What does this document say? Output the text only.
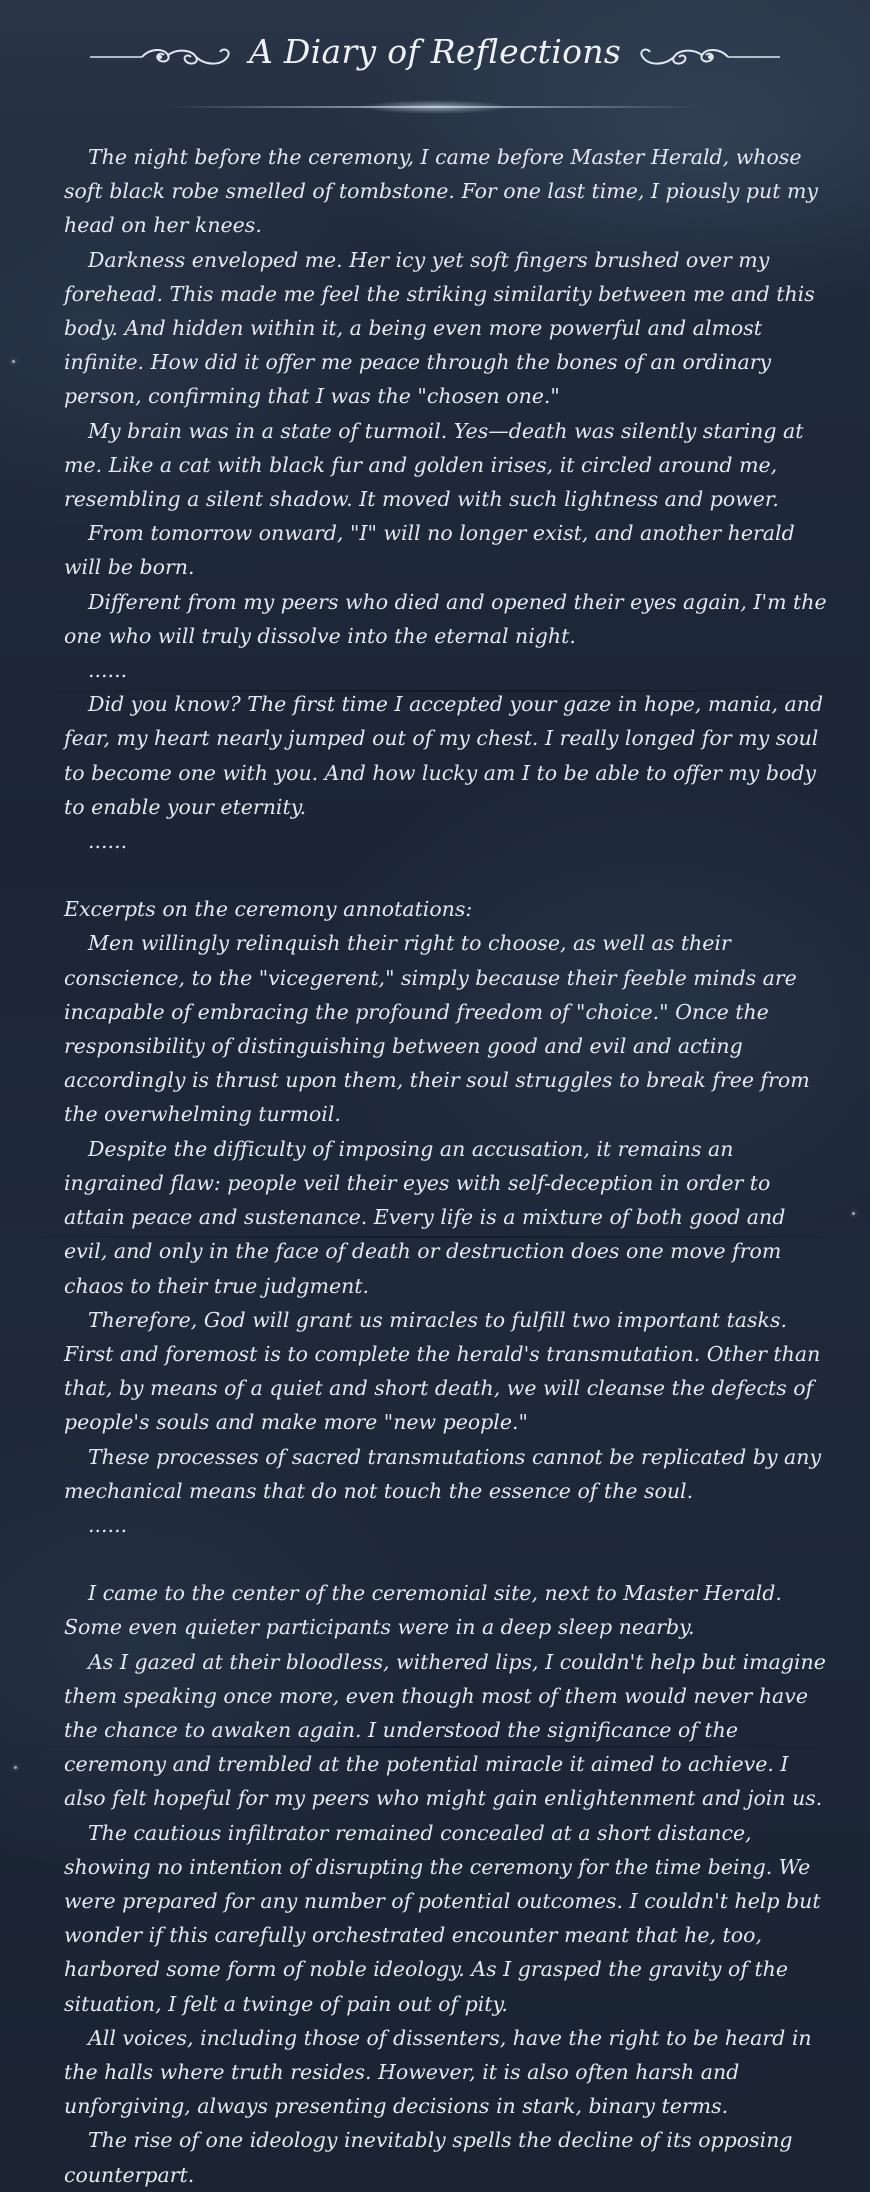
A Diary of Reflections

The night before the ceremony, I came before Master Herald, whose soft black robe smelled of tombstone. For one last time, I piously put my head on her knees.

Darkness enveloped me. Her icy yet soft fingers brushed over my forehead. This made me feel the striking similarity between me and this body. And hidden within it, a being even more powerful and almost infinite. How did it offer me peace through the bones of an ordinary person, confirming that I was the "chosen one."

My brain was in a state of turmoil. Yes—death was silently staring at me. Like a cat with black fur and golden irises, it circled around me, resembling a silent shadow. It moved with such lightness and power.

From tomorrow onward, "I" will no longer exist, and another herald will be born.

Different from my peers who died and opened their eyes again, I'm the one who will truly dissolve into the eternal night.

......

Did you know? The first time I accepted your gaze in hope, mania, and fear, my heart nearly jumped out of my chest. I really longed for my soul to become one with you. And how lucky am I to be able to offer my body to enable your eternity.

......

Excerpts on the ceremony annotations:

Men willingly relinquish their right to choose, as well as their conscience, to the "vicegerent," simply because their feeble minds are incapable of embracing the profound freedom of "choice." Once the responsibility of distinguishing between good and evil and acting accordingly is thrust upon them, their soul struggles to break free from the overwhelming turmoil.

Despite the difficulty of imposing an accusation, it remains an ingrained flaw: people veil their eyes with self-deception in order to attain peace and sustenance. Every life is a mixture of both good and evil, and only in the face of death or destruction does one move from chaos to their true judgment.

Therefore, God will grant us miracles to fulfill two important tasks. First and foremost is to complete the herald's transmutation. Other than that, by means of a quiet and short death, we will cleanse the defects of people's souls and make more "new people."

These processes of sacred transmutations cannot be replicated by any mechanical means that do not touch the essence of the soul.

......

I came to the center of the ceremonial site, next to Master Herald. Some even quieter participants were in a deep sleep nearby.

As I gazed at their bloodless, withered lips, I couldn't help but imagine them speaking once more, even though most of them would never have the chance to awaken again. I understood the significance of the ceremony and trembled at the potential miracle it aimed to achieve. I also felt hopeful for my peers who might gain enlightenment and join us.

The cautious infiltrator remained concealed at a short distance, showing no intention of disrupting the ceremony for the time being. We were prepared for any number of potential outcomes. I couldn't help but wonder if this carefully orchestrated encounter meant that he, too, harbored some form of noble ideology. As I grasped the gravity of the situation, I felt a twinge of pain out of pity.

All voices, including those of dissenters, have the right to be heard in the halls where truth resides. However, it is also often harsh and unforgiving, always presenting decisions in stark, binary terms.

The rise of one ideology inevitably spells the decline of its opposing counterpart.
